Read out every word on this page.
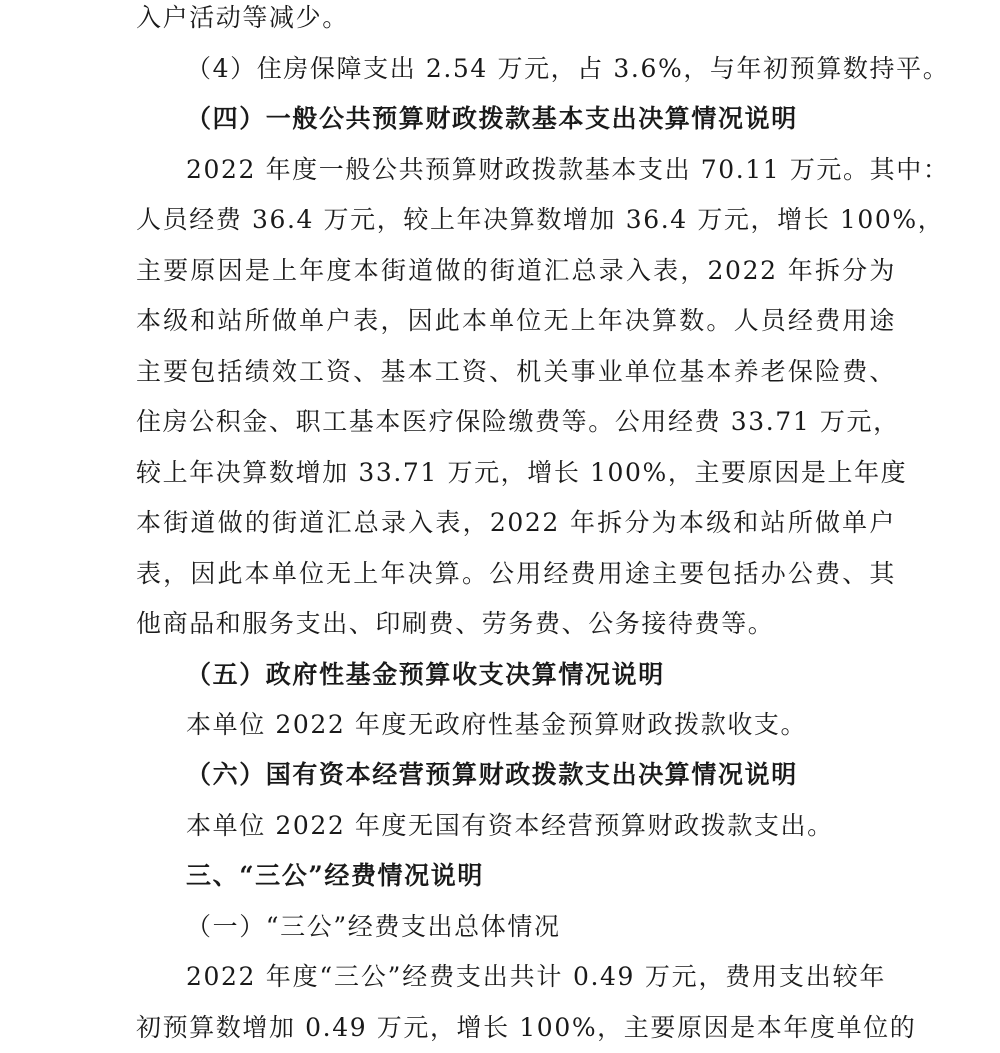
入户活动等减少。
（4）住房保障支出 2.54 万元，占 3.6%，与年初预算数持平。
（四）一般公共预算财政拨款基本支出决算情况说明
2022 年度一般公共预算财政拨款基本支出 70.11 万元。其中：
人员经费 36.4 万元，较上年决算数增加 36.4 万元，增长 100%，
主要原因是上年度本街道做的街道汇总录入表，2022 年拆分为
本级和站所做单户表，因此本单位无上年决算数。人员经费用途
主要包括绩效工资、基本工资、机关事业单位基本养老保险费、
住房公积金、职工基本医疗保险缴费等。公用经费 33.71 万元，
较上年决算数增加 33.71 万元，增长 100%，主要原因是上年度
本街道做的街道汇总录入表，2022 年拆分为本级和站所做单户
表，因此本单位无上年决算。公用经费用途主要包括办公费、其
他商品和服务支出、印刷费、劳务费、公务接待费等。
（五）政府性基金预算收支决算情况说明
本单位 2022 年度无政府性基金预算财政拨款收支。
（六）国有资本经营预算财政拨款支出决算情况说明
本单位 2022 年度无国有资本经营预算财政拨款支出。
三、“三公”经费情况说明
（一）“三公”经费支出总体情况
2022 年度“三公”经费支出共计 0.49 万元，费用支出较年
初预算数增加 0.49 万元，增长 100%，主要原因是本年度单位的
